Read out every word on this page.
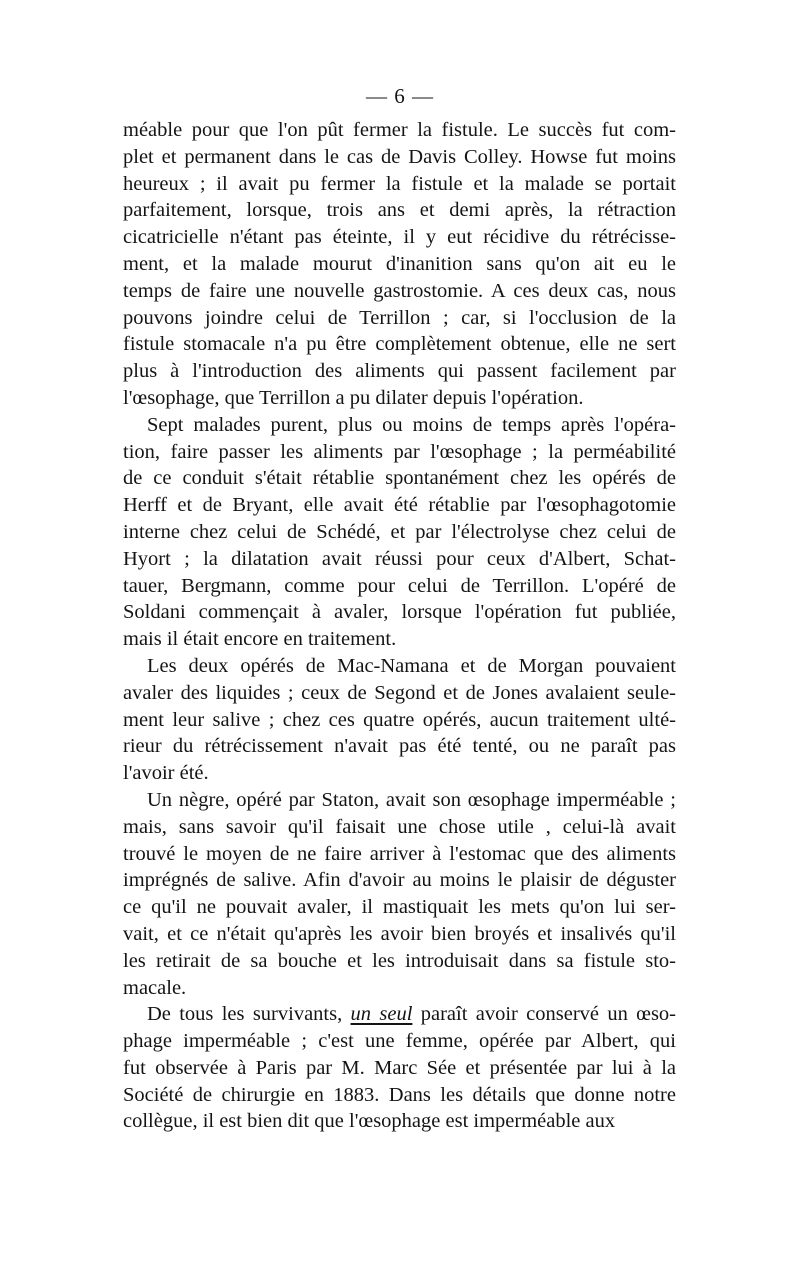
— 6 —
méable pour que l'on pût fermer la fistule. Le succès fut com-
plet et permanent dans le cas de Davis Colley. Howse fut moins
heureux ; il avait pu fermer la fistule et la malade se portait
parfaitement, lorsque, trois ans et demi après, la rétraction
cicatricielle n'étant pas éteinte, il y eut récidive du rétrécisse-
ment, et la malade mourut d'inanition sans qu'on ait eu le
temps de faire une nouvelle gastrostomie. A ces deux cas, nous
pouvons joindre celui de Terrillon ; car, si l'occlusion de la
fistule stomacale n'a pu être complètement obtenue, elle ne sert
plus à l'introduction des aliments qui passent facilement par
l'œsophage, que Terrillon a pu dilater depuis l'opération.
Sept malades purent, plus ou moins de temps après l'opéra-
tion, faire passer les aliments par l'œsophage ; la perméabilité
de ce conduit s'était rétablie spontanément chez les opérés de
Herff et de Bryant, elle avait été rétablie par l'œsophagotomie
interne chez celui de Schédé, et par l'électrolyse chez celui de
Hyort ; la dilatation avait réussi pour ceux d'Albert, Schat-
tauer, Bergmann, comme pour celui de Terrillon. L'opéré de
Soldani commençait à avaler, lorsque l'opération fut publiée,
mais il était encore en traitement.
Les deux opérés de Mac-Namana et de Morgan pouvaient
avaler des liquides ; ceux de Segond et de Jones avalaient seule-
ment leur salive ; chez ces quatre opérés, aucun traitement ulté-
rieur du rétrécissement n'avait pas été tenté, ou ne paraît pas
l'avoir été.
Un nègre, opéré par Staton, avait son œsophage imperméable ;
mais, sans savoir qu'il faisait une chose utile , celui-là avait
trouvé le moyen de ne faire arriver à l'estomac que des aliments
imprégnés de salive. Afin d'avoir au moins le plaisir de déguster
ce qu'il ne pouvait avaler, il mastiquait les mets qu'on lui ser-
vait, et ce n'était qu'après les avoir bien broyés et insalivés qu'il
les retirait de sa bouche et les introduisait dans sa fistule sto-
macale.
De tous les survivants, un seul paraît avoir conservé un œso-
phage imperméable ; c'est une femme, opérée par Albert, qui
fut observée à Paris par M. Marc Sée et présentée par lui à la
Société de chirurgie en 1883. Dans les détails que donne notre
collègue, il est bien dit que l'œsophage est imperméable aux
